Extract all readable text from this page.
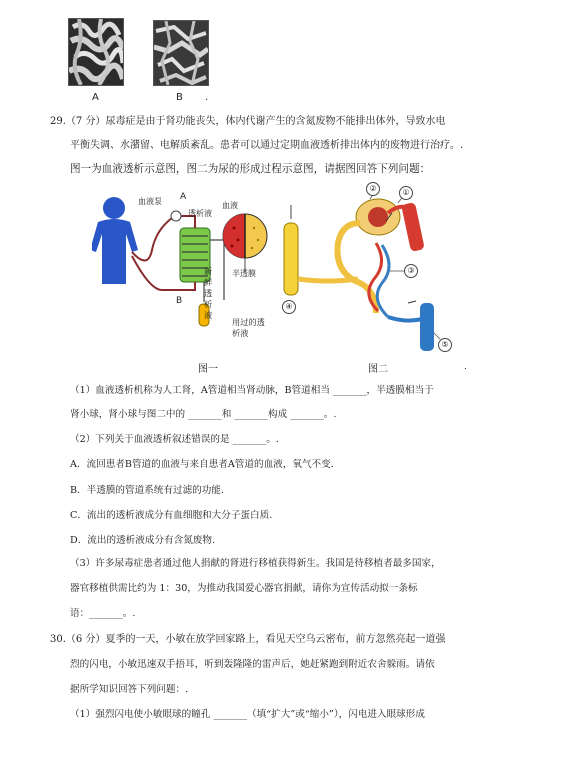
A	B .
29.（7 分）尿毒症是由于肾功能丧失，体内代谢产生的含氮废物不能排出体外，导致水电
平衡失调、水潴留、电解质紊乱。患者可以通过定期血液透析排出体内的废物进行治疗。.
图一为血液透析示意图，图二为尿的形成过程示意图，请据图回答下列问题：
血液泵 A
透析液
血液
新鲜透析液
半透膜
B
用过的透析液
图一
②	①
③
④
⑤
图二	.
（1）血液透析机称为人工肾，A管道相当肾动脉，B管道相当 _______，半透膜相当于
肾小球，肾小球与图二中的 _______和 _______构成 _______。.
（2）下列关于血液透析叙述错误的是 _______。.
A．流回患者B管道的血液与来自患者A管道的血液，氧气不变.
B．半透膜的管道系统有过滤的功能.
C．流出的透析液成分有血细胞和大分子蛋白质.
D．流出的透析液成分有含氮废物.
（3）许多尿毒症患者通过他人捐献的肾进行移植获得新生。我国是待移植者最多国家，
器官移植供需比约为 1：30，为推动我国爱心器官捐献，请你为宣传活动拟一条标
语：_______。.
30.（6 分）夏季的一天，小敏在放学回家路上，看见天空乌云密布，前方忽然亮起一道强
烈的闪电，小敏迅速双手捂耳，听到轰隆隆的雷声后，她赶紧跑到附近农舍躲雨。请依
据所学知识回答下列问题：.
（1）强烈闪电使小敏眼球的瞳孔 _______（填“扩大”或“缩小”），闪电进入眼球形成
